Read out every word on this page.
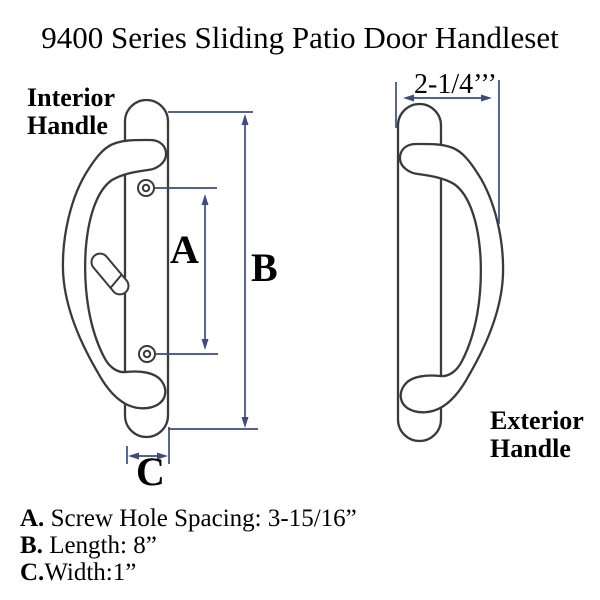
9400 Series Sliding Patio Door Handleset
Interior
Handle
Exterior
Handle
A B
C
2-1/4’’’
A. Screw Hole Spacing: 3-15/16”
B. Length: 8”
C.Width:1”
